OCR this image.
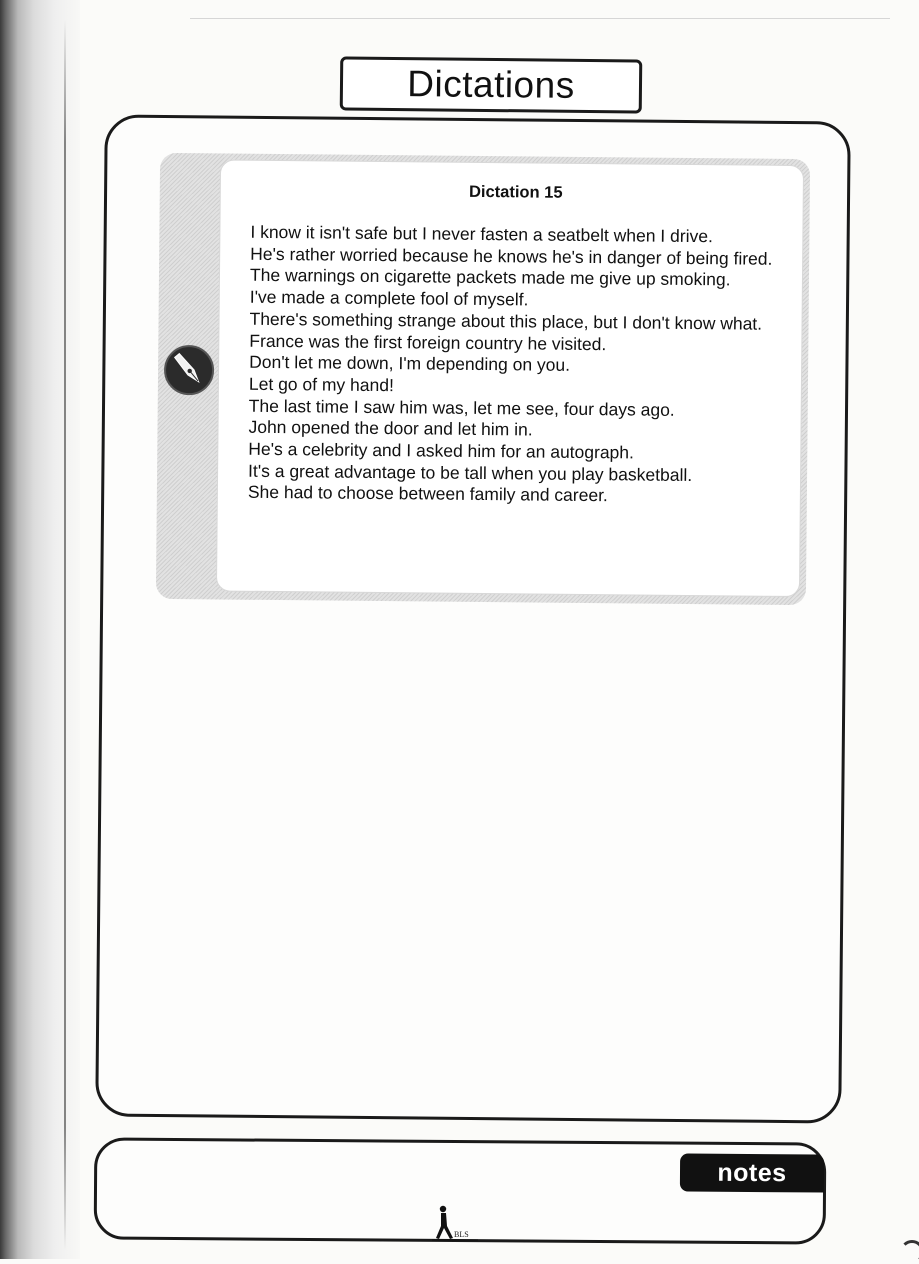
Dictations
Dictation 15
I know it isn't safe but I never fasten a seatbelt when I drive.
He's rather worried because he knows he's in danger of being fired.
The warnings on cigarette packets made me give up smoking.
I've made a complete fool of myself.
There's something strange about this place, but I don't know what.
France was the first foreign country he visited.
Don't let me down, I'm depending on you.
Let go of my hand!
The last time I saw him was, let me see, four days ago.
John opened the door and let him in.
He's a celebrity and I asked him for an autograph.
It's a great advantage to be tall when you play basketball.
She had to choose between family and career.
notes
BLS
